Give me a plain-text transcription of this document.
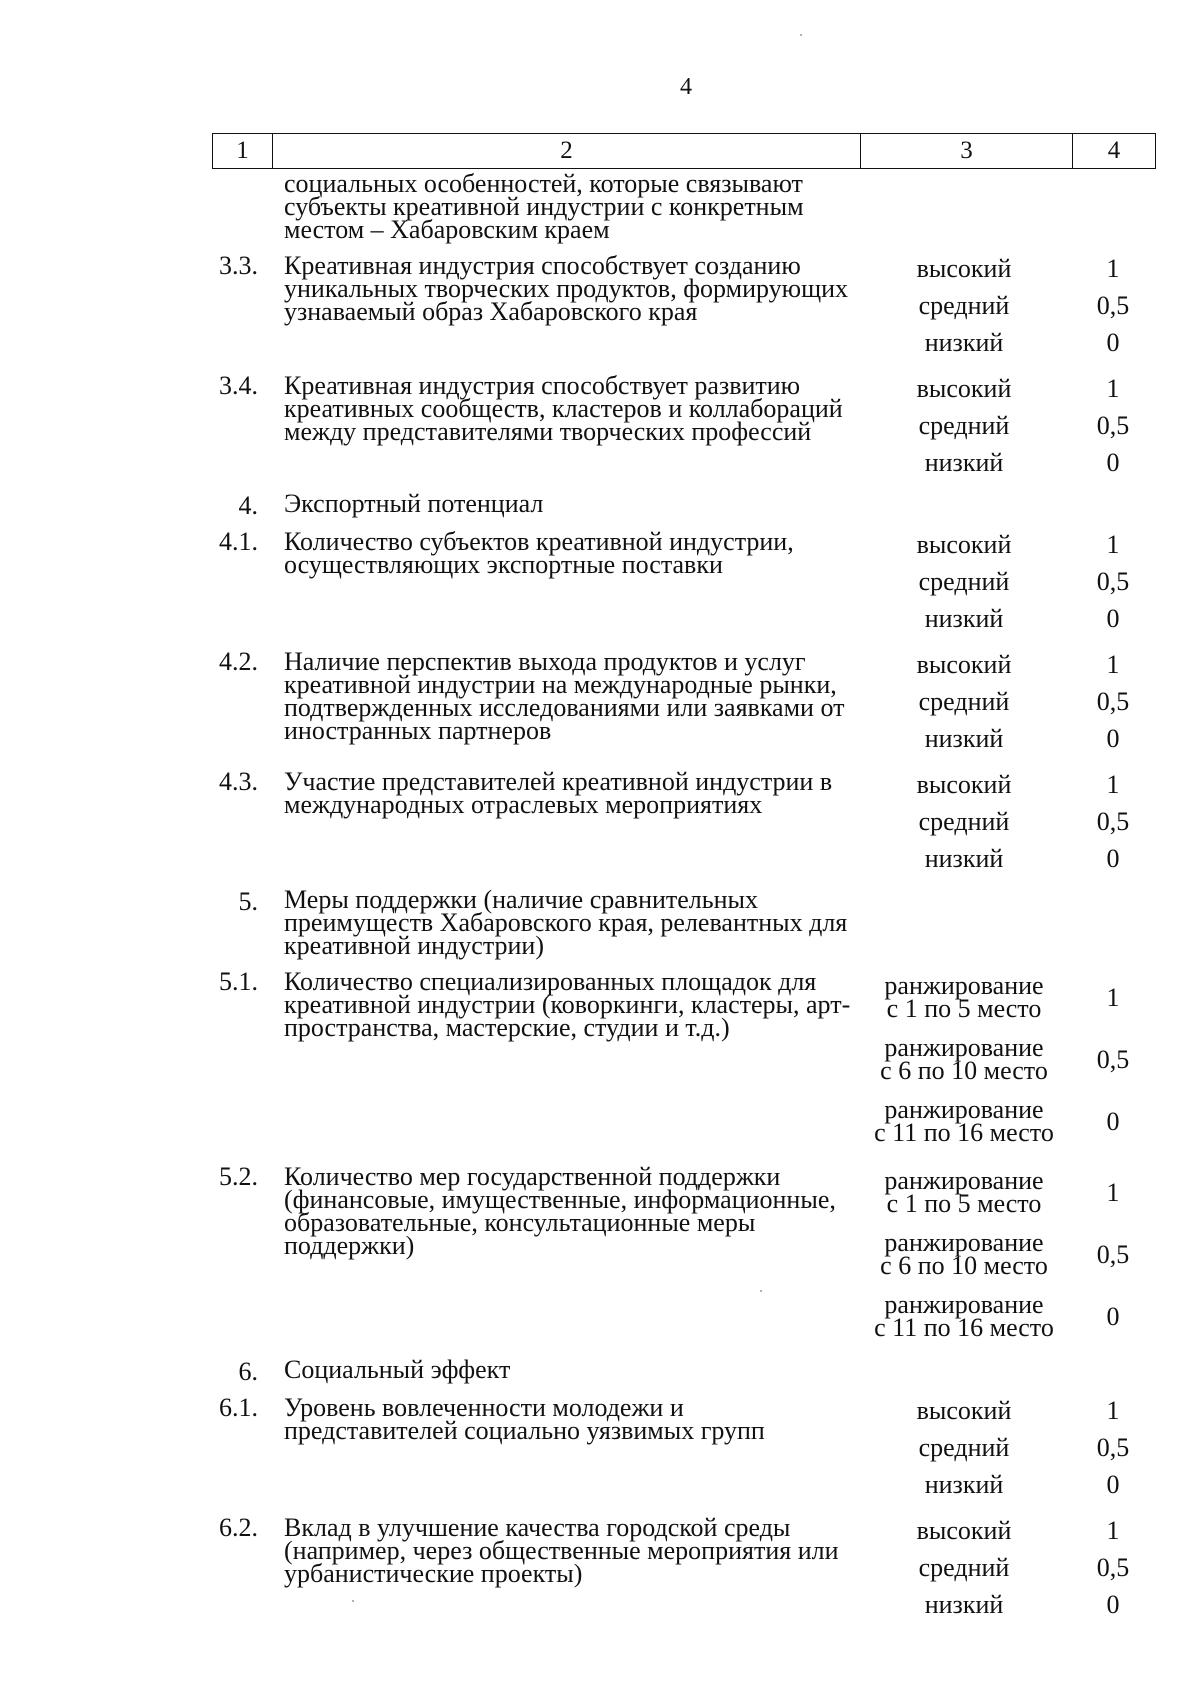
4
1	2	3	4
социальных особенностей, которые связывают субъекты креативной индустрии с конкретным местом – Хабаровским краем
3.3.	Креативная индустрия способствует созданию уникальных творческих продуктов, формирующих узнаваемый образ Хабаровского края
высокий	1
средний	0,5
низкий	0
3.4.	Креативная индустрия способствует развитию креативных сообществ, кластеров и коллабораций между представителями творческих профессий
высокий	1
средний	0,5
низкий	0
4.	Экспортный потенциал
4.1.	Количество субъектов креативной индустрии, осуществляющих экспортные поставки
высокий	1
средний	0,5
низкий	0
4.2.	Наличие перспектив выхода продуктов и услуг креативной индустрии на международные рынки, подтвержденных исследованиями или заявками от иностранных партнеров
высокий	1
средний	0,5
низкий	0
4.3.	Участие представителей креативной индустрии в международных отраслевых мероприятиях
высокий	1
средний	0,5
низкий	0
5.	Меры поддержки (наличие сравнительных преимуществ Хабаровского края, релевантных для креативной индустрии)
5.1.	Количество специализированных площадок для креативной индустрии (коворкинги, кластеры, арт-пространства, мастерские, студии и т.д.)
ранжирование
с 1 по 5 место	1
ранжирование
с 6 по 10 место	0,5
ранжирование
с 11 по 16 место	0
5.2.	Количество мер государственной поддержки (финансовые, имущественные, информационные, образовательные, консультационные меры поддержки)
ранжирование
с 1 по 5 место	1
ранжирование
с 6 по 10 место	0,5
ранжирование
с 11 по 16 место	0
6.	Социальный эффект
6.1.	Уровень вовлеченности молодежи и представителей социально уязвимых групп
высокий	1
средний	0,5
низкий	0
6.2.	Вклад в улучшение качества городской среды (например, через общественные мероприятия или урбанистические проекты)
высокий	1
средний	0,5
низкий	0
